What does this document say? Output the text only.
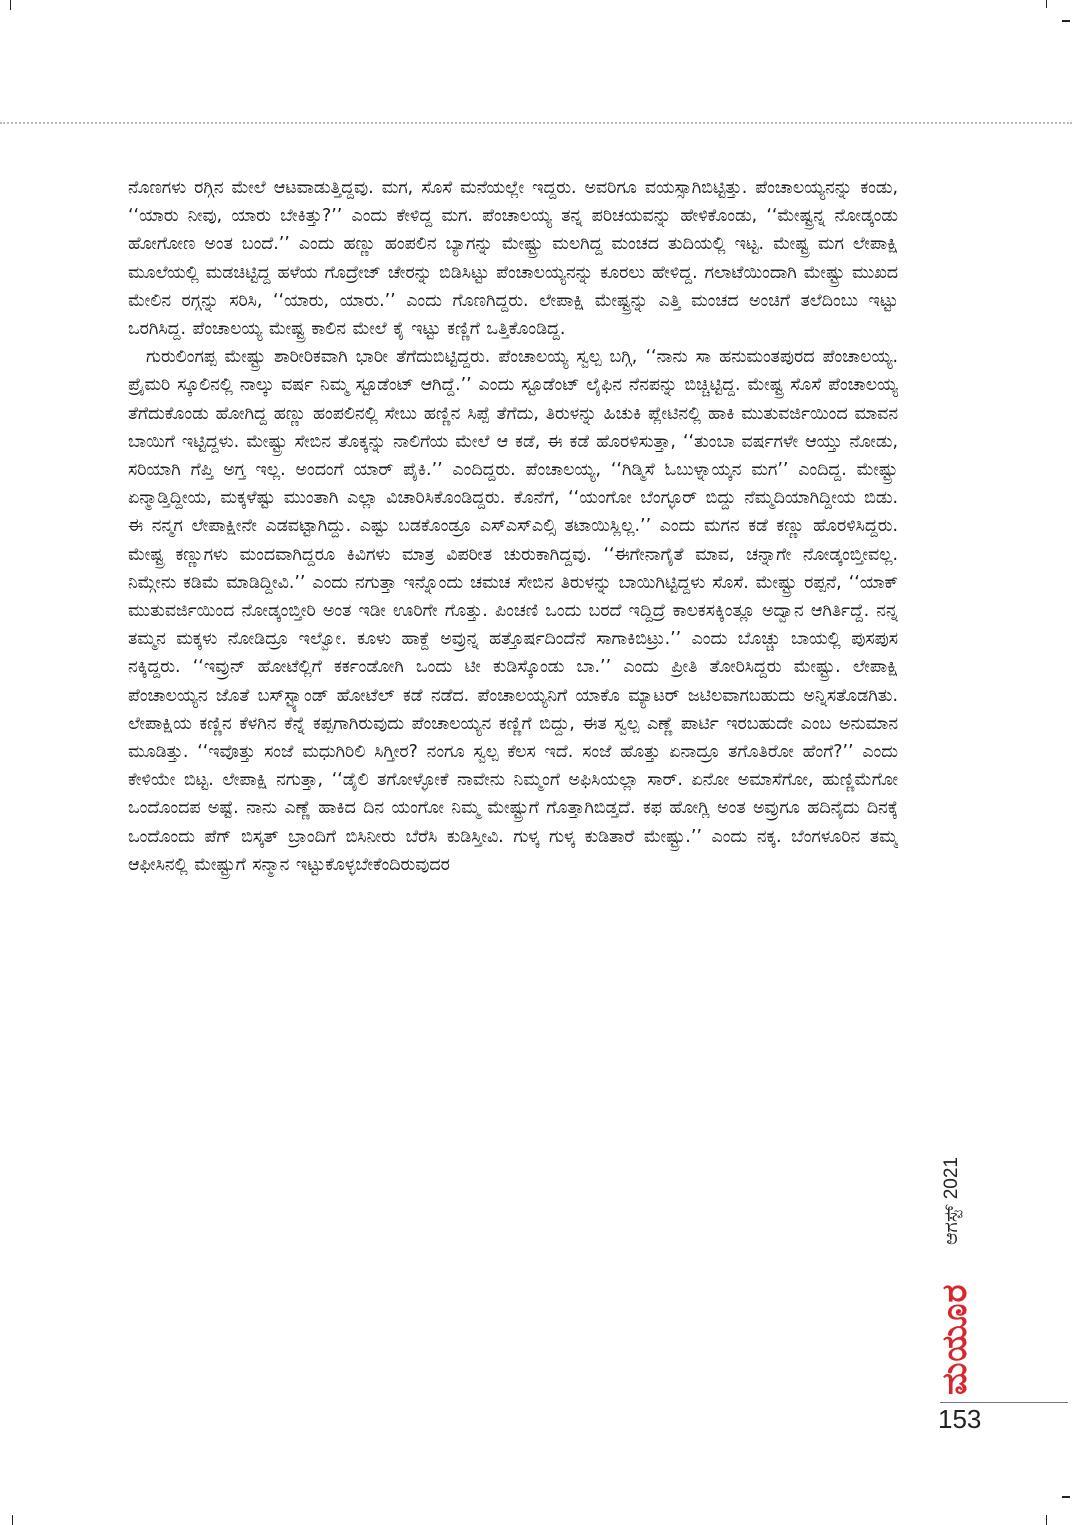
ನೊಣಗಳು ರಗ್ಗಿನ ಮೇಲೆ ಆಟವಾಡುತ್ತಿದ್ದವು. ಮಗ, ಸೊಸೆ ಮನೆಯಲ್ಲೇ ಇದ್ದರು. ಅವರಿಗೂ ವಯಸ್ಸಾಗಿಬಿಟ್ಟಿತ್ತು. ಪೆಂಚಾಲಯ್ಯನನ್ನು ಕಂಡು, ‘‘ಯಾರು ನೀವು, ಯಾರು ಬೇಕಿತ್ತು?’’ ಎಂದು ಕೇಳಿದ್ದ ಮಗ. ಪೆಂಚಾಲಯ್ಯ ತನ್ನ ಪರಿಚಯವನ್ನು ಹೇಳಿಕೊಂಡು, ‘‘ಮೇಷ್ಟ್ರನ್ನ ನೋಡ್ಕಂಡು ಹೋಗೋಣ ಅಂತ ಬಂದೆ.’’ ಎಂದು ಹಣ್ಣು ಹಂಪಲಿನ ಬ್ಯಾಗನ್ನು ಮೇಷ್ಟ್ರು ಮಲಗಿದ್ದ ಮಂಚದ ತುದಿಯಲ್ಲಿ ಇಟ್ಟ. ಮೇಷ್ಟ್ರ ಮಗ ಲೇಪಾಕ್ಷಿ ಮೂಲೆಯಲ್ಲಿ ಮಡಚಿಟ್ಟಿದ್ದ ಹಳೆಯ ಗೊದ್ರೇಜ್ ಚೇರನ್ನು ಬಿಡಿಸಿಟ್ಟು ಪೆಂಚಾಲಯ್ಯನನ್ನು ಕೂರಲು ಹೇಳಿದ್ದ. ಗಲಾಟೆಯಿಂದಾಗಿ ಮೇಷ್ಟ್ರು ಮುಖದ ಮೇಲಿನ ರಗ್ಗನ್ನು ಸರಿಸಿ, ‘‘ಯಾರು, ಯಾರು.’’ ಎಂದು ಗೊಣಗಿದ್ದರು. ಲೇಪಾಕ್ಷಿ ಮೇಷ್ಟ್ರನ್ನು ಎತ್ತಿ ಮಂಚದ ಅಂಚಿಗೆ ತಲೆದಿಂಬು ಇಟ್ಟು ಒರಗಿಸಿದ್ದ. ಪೆಂಚಾಲಯ್ಯ ಮೇಷ್ಟ್ರ ಕಾಲಿನ ಮೇಲೆ ಕೈ ಇಟ್ಟು ಕಣ್ಣಿಗೆ ಒತ್ತಿಕೊಂಡಿದ್ದ.

ಗುರುಲಿಂಗಪ್ಪ ಮೇಷ್ಟ್ರು ಶಾರೀರಿಕವಾಗಿ ಭಾರೀ ತೆಗೆದುಬಿಟ್ಟಿದ್ದರು. ಪೆಂಚಾಲಯ್ಯ ಸ್ವಲ್ಪ ಬಗ್ಗಿ, ‘‘ನಾನು ಸಾ ಹನುಮಂತಪುರದ ಪೆಂಚಾಲಯ್ಯ. ಪ್ರೈಮರಿ ಸ್ಕೂಲಿನಲ್ಲಿ ನಾಲ್ಕು ವರ್ಷ ನಿಮ್ಮ ಸ್ಟೂಡೆಂಟ್ ಆಗಿದ್ದೆ.’’ ಎಂದು ಸ್ಟೂಡೆಂಟ್ ಲೈಫಿನ ನೆನಪನ್ನು ಬಿಚ್ಚಿಟ್ಟಿದ್ದ. ಮೇಷ್ಟ್ರ ಸೊಸೆ ಪೆಂಚಾಲಯ್ಯ ತೆಗೆದುಕೊಂಡು ಹೋಗಿದ್ದ ಹಣ್ಣು ಹಂಪಲಿನಲ್ಲಿ ಸೇಬು ಹಣ್ಣಿನ ಸಿಪ್ಪೆ ತೆಗೆದು, ತಿರುಳನ್ನು ಹಿಚುಕಿ ಪ್ಲೇಟಿನಲ್ಲಿ ಹಾಕಿ ಮುತುವರ್ಜಿಯಿಂದ ಮಾವನ ಬಾಯಿಗೆ ಇಟ್ಟಿದ್ದಳು. ಮೇಷ್ಟ್ರು ಸೇಬಿನ ತೊಕ್ಕನ್ನು ನಾಲಿಗೆಯ ಮೇಲೆ ಆ ಕಡೆ, ಈ ಕಡೆ ಹೊರಳಿಸುತ್ತಾ, ‘‘ತುಂಬಾ ವರ್ಷಗಳೇ ಆಯ್ತು ನೋಡು, ಸರಿಯಾಗಿ ಗೆಪ್ತಿ ಅಗ್ತ ಇಲ್ಲ. ಅಂದಂಗೆ ಯಾರ್ ಪೈಕಿ.’’ ಎಂದಿದ್ದರು. ಪೆಂಚಾಲಯ್ಯ, ‘‘ಗಿಡ್ಮಿಸೆ ಓಬುಳ್ನಾಯ್ಕನ ಮಗ’’ ಎಂದಿದ್ದ. ಮೇಷ್ಟ್ರು ಏನ್ಮಾಡ್ತಿದ್ದೀಯ, ಮಕ್ಕಳೆಷ್ಟು ಮುಂತಾಗಿ ಎಲ್ಲಾ ವಿಚಾರಿಸಿಕೊಂಡಿದ್ದರು. ಕೊನೆಗೆ, ‘‘ಯಂಗೋ ಬೆಂಗ್ಳೂರ್ ಬಿದ್ದು ನೆಮ್ಮದಿಯಾಗಿದ್ದೀಯ ಬಿಡು. ಈ ನನ್ಮಗ ಲೇಪಾಕ್ಷೀನೇ ಎಡವಟ್ಟಾಗಿದ್ದು. ಎಷ್ಟು ಬಡಕೊಂಡ್ರೂ ಎಸ್‌ಎಸ್‌ಎಲ್ಸಿ ತಟಾಯಿಸ್ಲಿಲ್ಲ.’’ ಎಂದು ಮಗನ ಕಡೆ ಕಣ್ಣು ಹೊರಳಿಸಿದ್ದರು. ಮೇಷ್ಟ್ರ ಕಣ್ಣುಗಳು ಮಂದವಾಗಿದ್ದರೂ ಕಿವಿಗಳು ಮಾತ್ರ ವಿಪರೀತ ಚುರುಕಾಗಿದ್ದವು. ‘‘ಈಗೇನಾಗೈತೆ ಮಾವ, ಚನ್ನಾಗೇ ನೋಡ್ಕಂಬ್ತೀವಲ್ಲ. ನಿಮ್ಗೇನು ಕಡಿಮೆ ಮಾಡಿದ್ದೀವಿ.’’ ಎಂದು ನಗುತ್ತಾ ಇನ್ನೊಂದು ಚಮಚ ಸೇಬಿನ ತಿರುಳನ್ನು ಬಾಯಿಗಿಟ್ಟಿದ್ದಳು ಸೊಸೆ. ಮೇಷ್ಟ್ರು ರಪ್ಪನೆ, ‘‘ಯಾಕ್ ಮುತುವರ್ಜಿಯಿಂದ ನೋಡ್ಕಂಬ್ತೀರಿ ಅಂತ ಇಡೀ ಊರಿಗೇ ಗೊತ್ತು. ಪಿಂಚಣಿ ಒಂದು ಬರದೆ ಇದ್ದಿದ್ರೆ ಕಾಲಕಸಕ್ಕಿಂತ್ಲೂ ಅದ್ವಾನ ಆಗಿರ್ತಿದ್ದೆ. ನನ್ನ ತಮ್ಮನ ಮಕ್ಕಳು ನೋಡಿದ್ರೂ ಇಲ್ವೋ. ಕೂಳು ಹಾಕ್ದೆ ಅವ್ರುನ್ನ ಹತ್ತೊರ್ಷದಿಂದೆನೆ ಸಾಗಾಕಿಬಿಟ್ರು.’’ ಎಂದು ಬೊಚ್ಚು ಬಾಯಲ್ಲಿ ಪುಸಪುಸ ನಕ್ಕಿದ್ದರು. ‘‘ಇವ್ರುನ್ ಹೋಟೆಲ್ಲಿಗೆ ಕರ್ಕಂಡೋಗಿ ಒಂದು ಟೀ ಕುಡಿಸ್ಕೊಂಡು ಬಾ.’’ ಎಂದು ಪ್ರೀತಿ ತೋರಿಸಿದ್ದರು ಮೇಷ್ಟ್ರು. ಲೇಪಾಕ್ಷಿ ಪೆಂಚಾಲಯ್ಯನ ಜೊತೆ ಬಸ್‌ಸ್ಟ್ಯಾಂಡ್ ಹೋಟೆಲ್ ಕಡೆ ನಡೆದ. ಪೆಂಚಾಲಯ್ಯನಿಗೆ ಯಾಕೊ ಮ್ಯಾಟರ್ ಜಟಿಲವಾಗಬಹುದು ಅನ್ನಿಸತೊಡಗಿತು. ಲೇಪಾಕ್ಷಿಯ ಕಣ್ಣಿನ ಕೆಳಗಿನ ಕೆನ್ನೆ ಕಪ್ಪಗಾಗಿರುವುದು ಪೆಂಚಾಲಯ್ಯನ ಕಣ್ಣಿಗೆ ಬಿದ್ದು, ಈತ ಸ್ವಲ್ಪ ಎಣ್ಣೆ ಪಾರ್ಟಿ ಇರಬಹುದೇ ಎಂಬ ಅನುಮಾನ ಮೂಡಿತ್ತು. ‘‘ಇವೊತ್ತು ಸಂಜೆ ಮಧುಗಿರಿಲಿ ಸಿಗ್ತೀರ? ನಂಗೂ ಸ್ವಲ್ಪ ಕೆಲಸ ಇದೆ. ಸಂಜೆ ಹೊತ್ತು ಏನಾದ್ರೂ ತಗೊತಿರೋ ಹೆಂಗೆ?’’ ಎಂದು ಕೇಳಿಯೇ ಬಿಟ್ಟ. ಲೇಪಾಕ್ಷಿ ನಗುತ್ತಾ, ‘‘ಡೈಲಿ ತಗೋಳ್ಳೋಕೆ ನಾವೇನು ನಿಮ್ಮಂಗೆ ಅಫಿಸಿಯಲ್ಲಾ ಸಾರ್. ಏನೋ ಅಮಾಸೆಗೋ, ಹುಣ್ಣಿಮೆಗೋ ಒಂದೊಂದಪ ಅಷ್ಟೆ. ನಾನು ಎಣ್ಣೆ ಹಾಕಿದ ದಿನ ಯಂಗೋ ನಿಮ್ಮ ಮೇಷ್ಟ್ರುಗೆ ಗೊತ್ತಾಗಿಬಿಡ್ತದೆ. ಕಫ ಹೋಗ್ಲಿ ಅಂತ ಅವ್ರುಗೂ ಹದಿನೈದು ದಿನಕ್ಕೆ ಒಂದೊಂದು ಪೆಗ್ ಬಿಸ್ಕತ್ ಬ್ರಾಂದಿಗೆ ಬಿಸಿನೀರು ಬೆರೆಸಿ ಕುಡಿಸ್ತೀವಿ. ಗುಳ್ಕ ಗುಳ್ಕ ಕುಡಿತಾರೆ ಮೇಷ್ಟ್ರು.’’ ಎಂದು ನಕ್ಕ. ಬೆಂಗಳೂರಿನ ತಮ್ಮ ಆಫೀಸಿನಲ್ಲಿ ಮೇಷ್ಟ್ರುಗೆ ಸನ್ಮಾನ ಇಟ್ಟುಕೊಳ್ಳಬೇಕೆಂದಿರುವುದರ

ಆಗಸ್ಟ್ 2021
ಮಯೂರ
153
